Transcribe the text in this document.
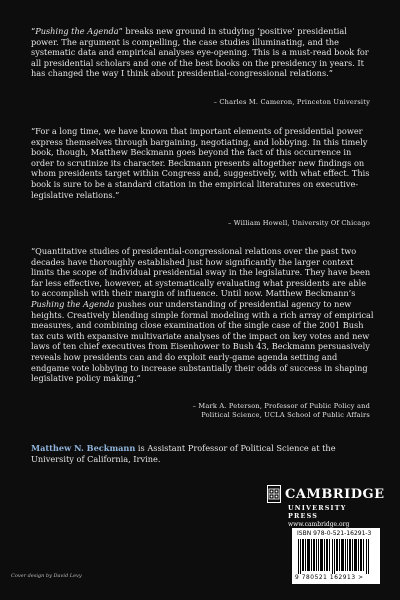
“Pushing the Agenda” breaks new ground in studying ‘positive’ presidential power. The argument is compelling, the case studies illuminating, and the systematic data and empirical analyses eye-opening. This is a must-read book for all presidential scholars and one of the best books on the presidency in years. It has changed the way I think about presidential-congressional relations.”
– Charles M. Cameron, Princeton University
“For a long time, we have known that important elements of presidential power express themselves through bargaining, negotiating, and lobbying. In this timely book, though, Matthew Beckmann goes beyond the fact of this occurrence in order to scrutinize its character. Beckmann presents altogether new findings on whom presidents target within Congress and, suggestively, with what effect. This book is sure to be a standard citation in the empirical literatures on executive-legislative relations.”
– William Howell, University Of Chicago
“Quantitative studies of presidential-congressional relations over the past two decades have thoroughly established just how significantly the larger context limits the scope of individual presidential sway in the legislature. They have been far less effective, however, at systematically evaluating what presidents are able to accomplish with their margin of influence. Until now. Matthew Beckmann’s Pushing the Agenda pushes our understanding of presidential agency to new heights. Creatively blending simple formal modeling with a rich array of empirical measures, and combining close examination of the single case of the 2001 Bush tax cuts with expansive multivariate analyses of the impact on key votes and new laws of ten chief executives from Eisenhower to Bush 43, Beckmann persuasively reveals how presidents can and do exploit early-game agenda setting and endgame vote lobbying to increase substantially their odds of success in shaping legislative policy making.”
– Mark A. Peterson, Professor of Public Policy and
Political Science, UCLA School of Public Affairs
Matthew N. Beckmann is Assistant Professor of Political Science at the University of California, Irvine.
CAMBRIDGE
UNIVERSITY PRESS
www.cambridge.org
ISBN 978-0-521-16291-3
9 780521 162913 >
Cover design by David Levy
